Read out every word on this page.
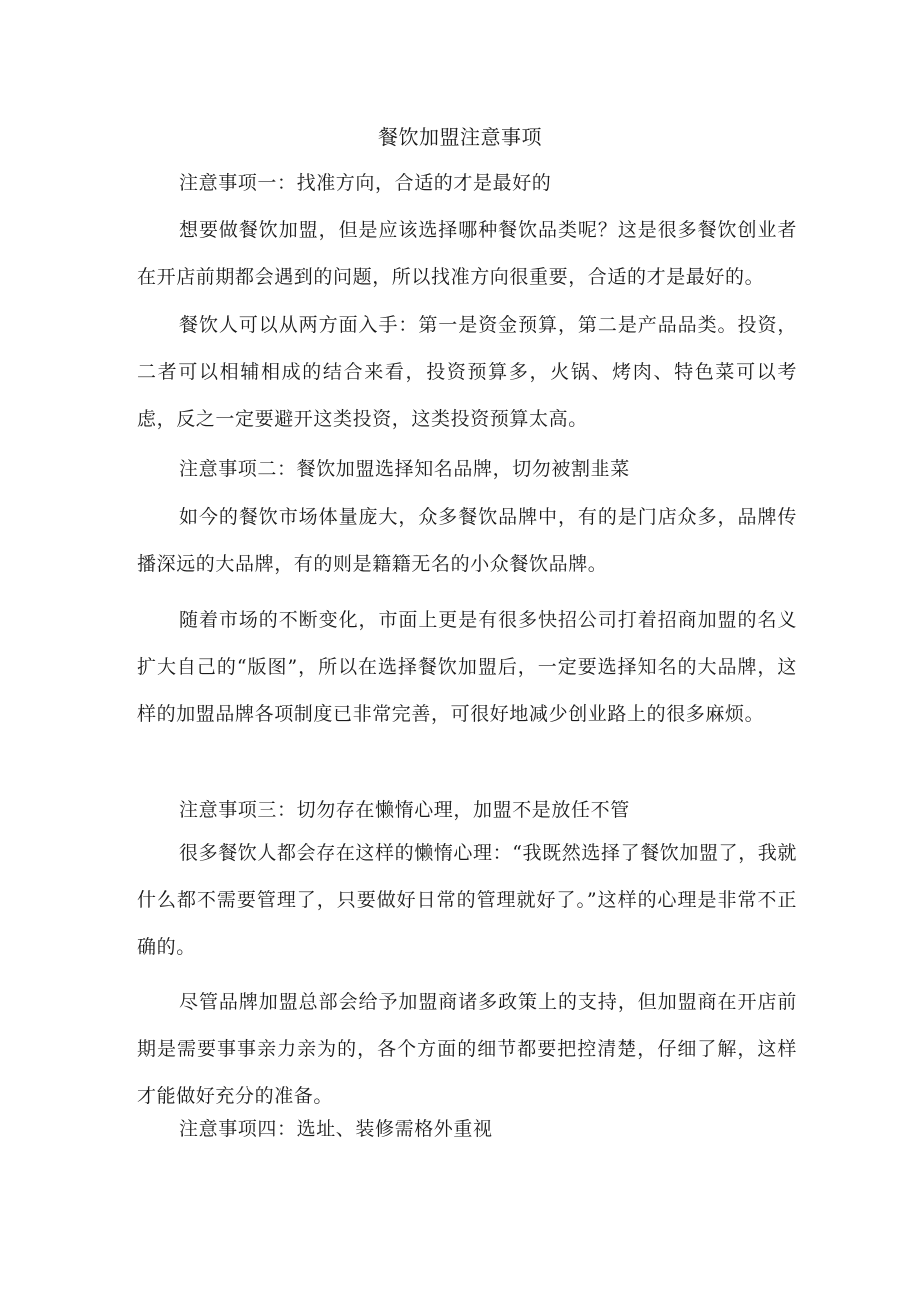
餐饮加盟注意事项
注意事项一：找准方向，合适的才是最好的
想要做餐饮加盟，但是应该选择哪种餐饮品类呢？这是很多餐饮创业者在开店前期都会遇到的问题，所以找准方向很重要，合适的才是最好的。
餐饮人可以从两方面入手：第一是资金预算，第二是产品品类。投资，二者可以相辅相成的结合来看，投资预算多，火锅、烤肉、特色菜可以考虑，反之一定要避开这类投资，这类投资预算太高。
注意事项二：餐饮加盟选择知名品牌，切勿被割韭菜
如今的餐饮市场体量庞大，众多餐饮品牌中，有的是门店众多，品牌传播深远的大品牌，有的则是籍籍无名的小众餐饮品牌。
随着市场的不断变化，市面上更是有很多快招公司打着招商加盟的名义扩大自己的“版图”，所以在选择餐饮加盟后，一定要选择知名的大品牌，这样的加盟品牌各项制度已非常完善，可很好地减少创业路上的很多麻烦。
注意事项三：切勿存在懒惰心理，加盟不是放任不管
很多餐饮人都会存在这样的懒惰心理：“我既然选择了餐饮加盟了，我就什么都不需要管理了，只要做好日常的管理就好了。”这样的心理是非常不正确的。
尽管品牌加盟总部会给予加盟商诸多政策上的支持，但加盟商在开店前期是需要事事亲力亲为的，各个方面的细节都要把控清楚，仔细了解，这样才能做好充分的准备。
注意事项四：选址、装修需格外重视
